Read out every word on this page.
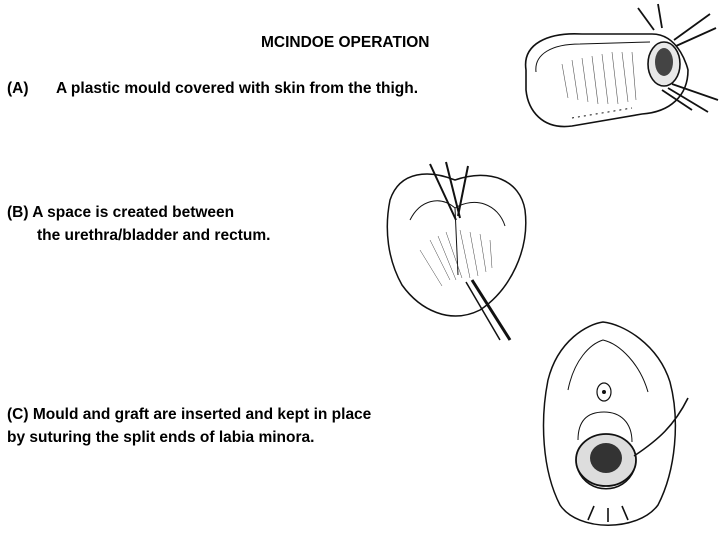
MCINDOE OPERATION
(A) A plastic mould covered with skin from the thigh.
(B) A space is created between
the urethra/bladder and rectum.
(C) Mould and graft are inserted and kept in place
by suturing the split ends of labia minora.
